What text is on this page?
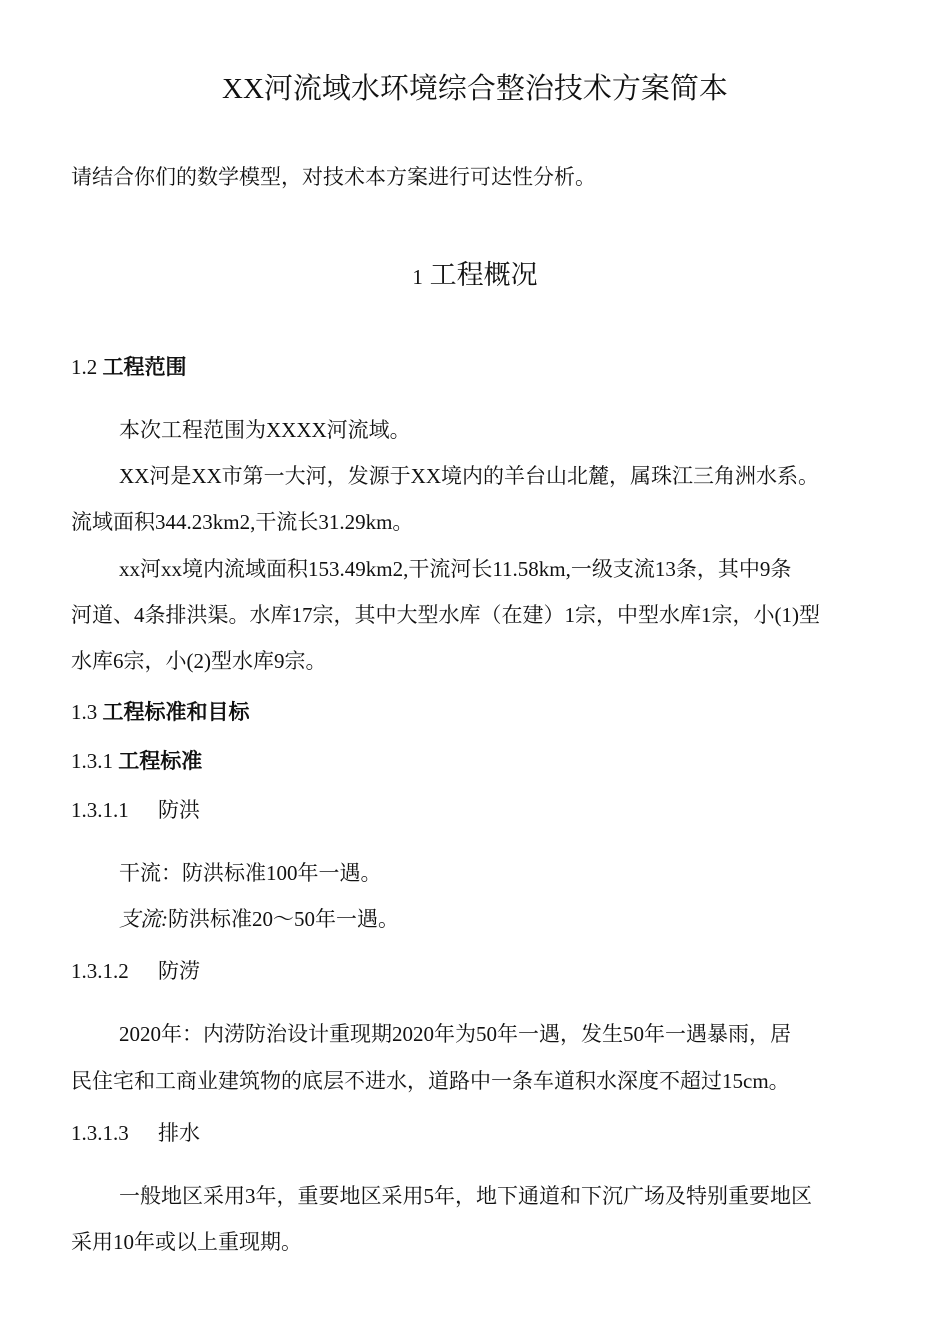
XX河流域水环境综合整治技术方案简本
请结合你们的数学模型，对技术本方案进行可达性分析。
1 工程概况
1.2 工程范围
本次工程范围为XXXX河流域。
XX河是XX市第一大河，发源于XX境内的羊台山北麓，属珠江三角洲水系。
流域面积344.23km2,干流长31.29km。
xx河xx境内流域面积153.49km2,干流河长11.58km,一级支流13条，其中9条
河道、4条排洪渠。水库17宗，其中大型水库（在建）1宗，中型水库1宗，小(1)型
水库6宗，小(2)型水库9宗。
1.3 工程标准和目标
1.3.1 工程标准
1.3.1.1 防洪
干流：防洪标准100年一遇。
支流:防洪标准20〜50年一遇。
1.3.1.2 防涝
2020年：内涝防治设计重现期2020年为50年一遇，发生50年一遇暴雨，居
民住宅和工商业建筑物的底层不进水，道路中一条车道积水深度不超过15cm。
1.3.1.3 排水
一般地区采用3年，重要地区采用5年，地下通道和下沉广场及特别重要地区
采用10年或以上重现期。
